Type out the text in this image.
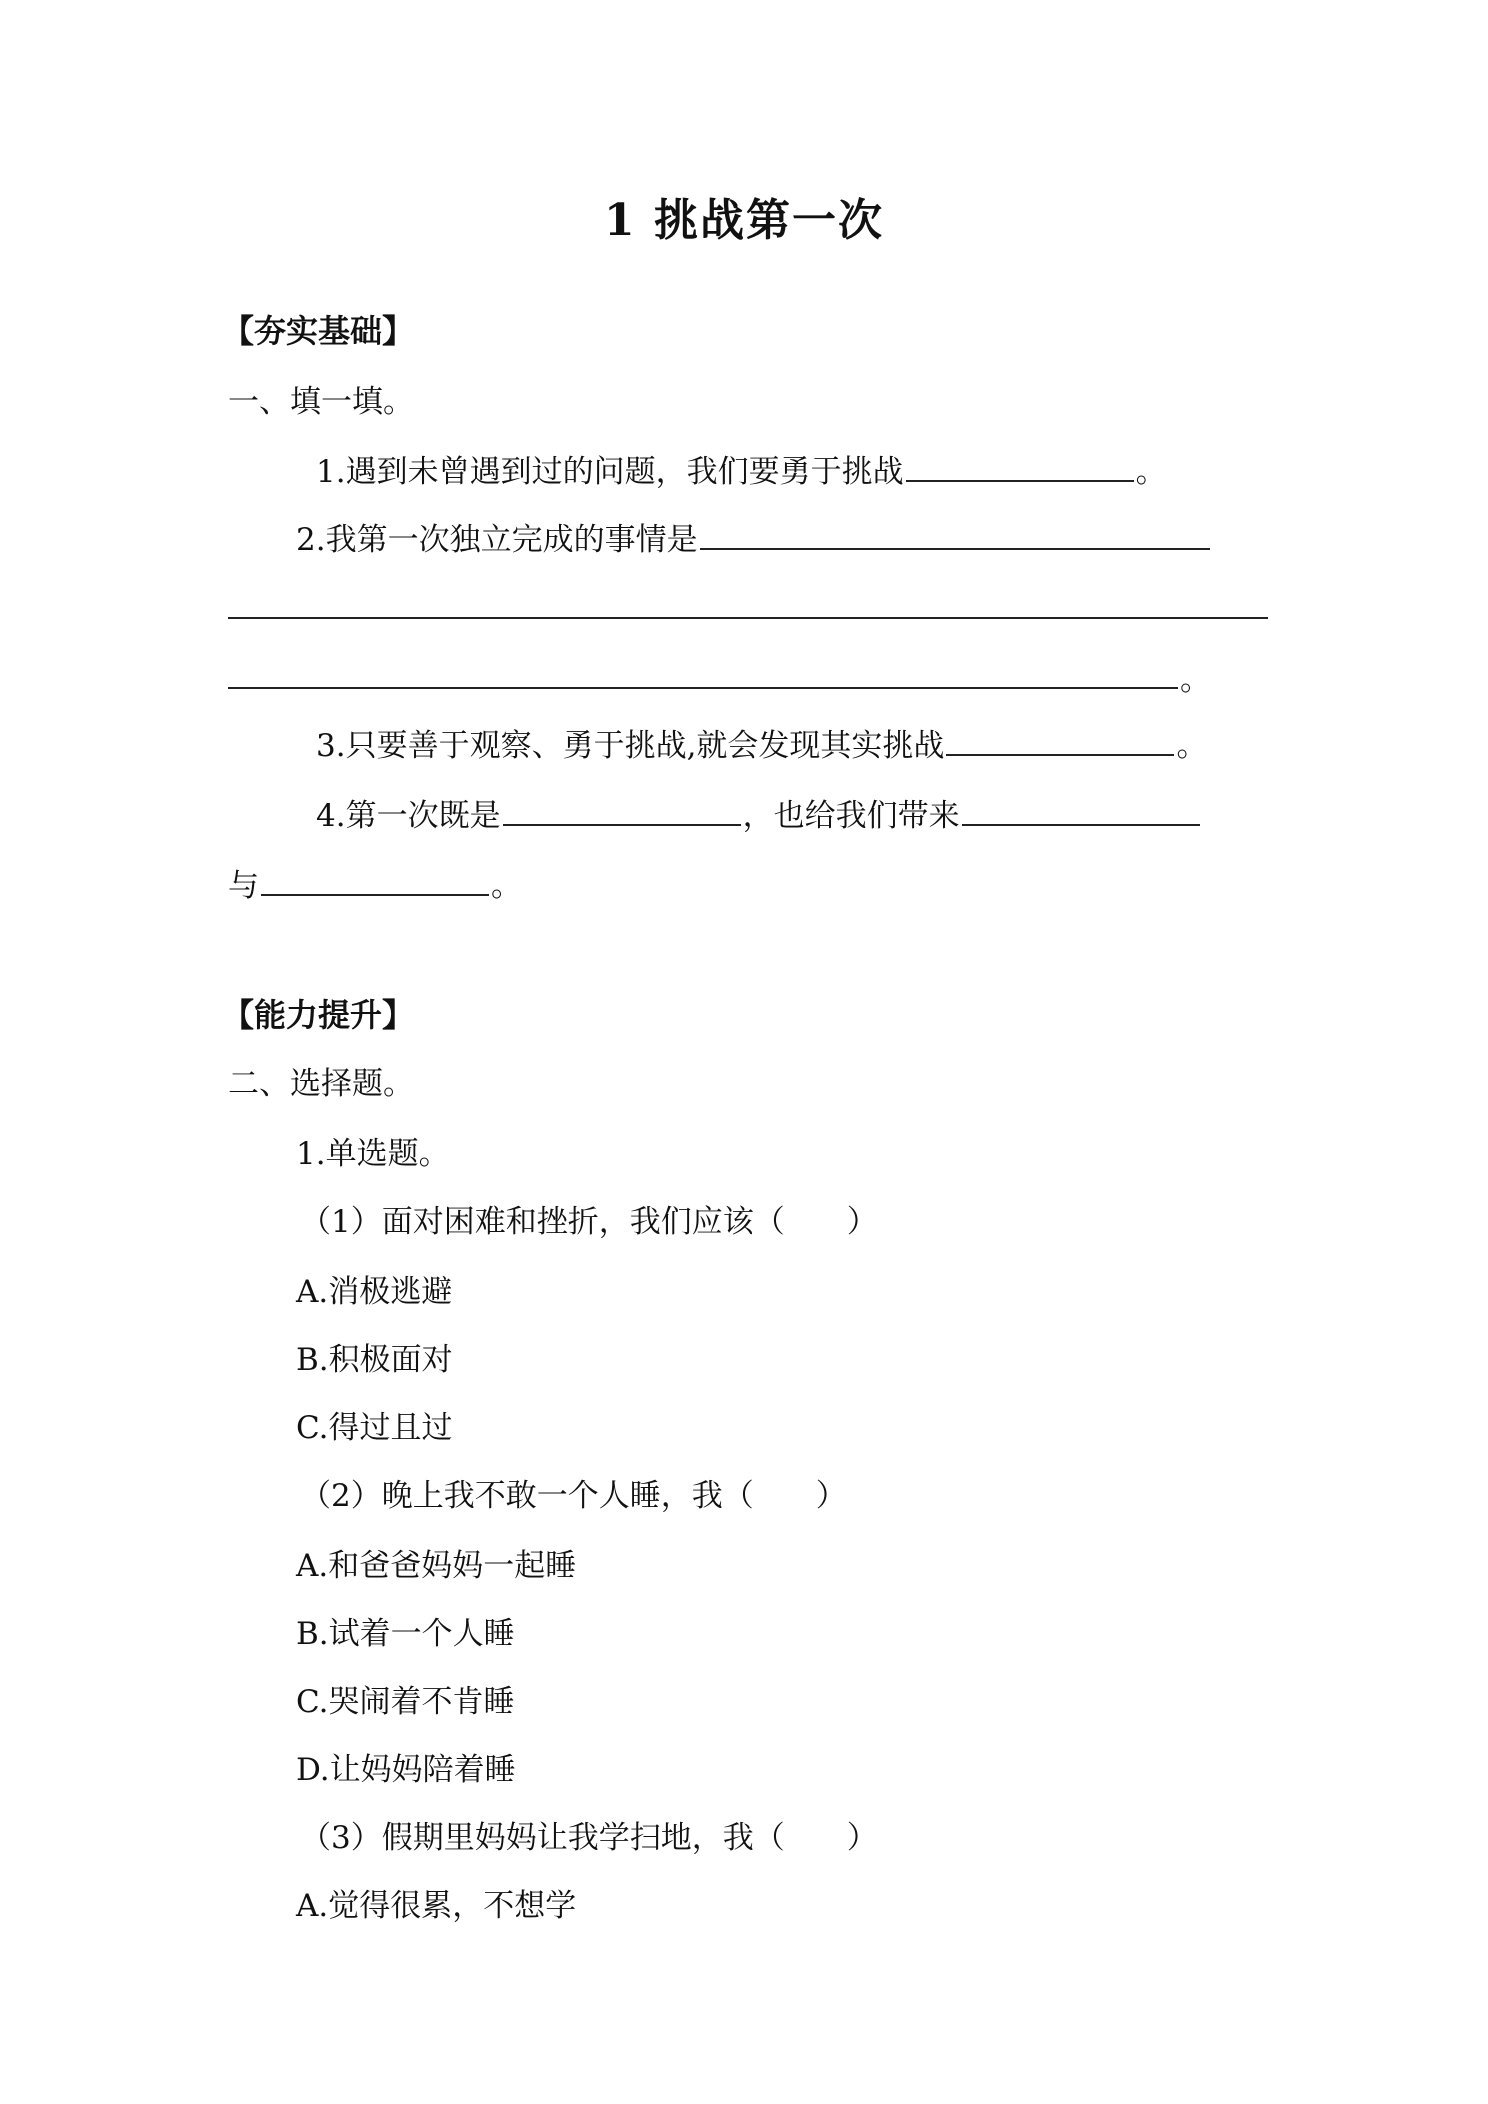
1 挑战第一次
【夯实基础】
一、填一填。
1.遇到未曾遇到过的问题，我们要勇于挑战	。
2.我第一次独立完成的事情是
。
3.只要善于观察、勇于挑战,就会发现其实挑战	。
4.第一次既是	，也给我们带来
与	。
【能力提升】
二、选择题。
1.单选题。
（1）面对困难和挫折，我们应该（　　）
A.消极逃避
B.积极面对
C.得过且过
（2）晚上我不敢一个人睡，我（　　）
A.和爸爸妈妈一起睡
B.试着一个人睡
C.哭闹着不肯睡
D.让妈妈陪着睡
（3）假期里妈妈让我学扫地，我（　　）
A.觉得很累，不想学
